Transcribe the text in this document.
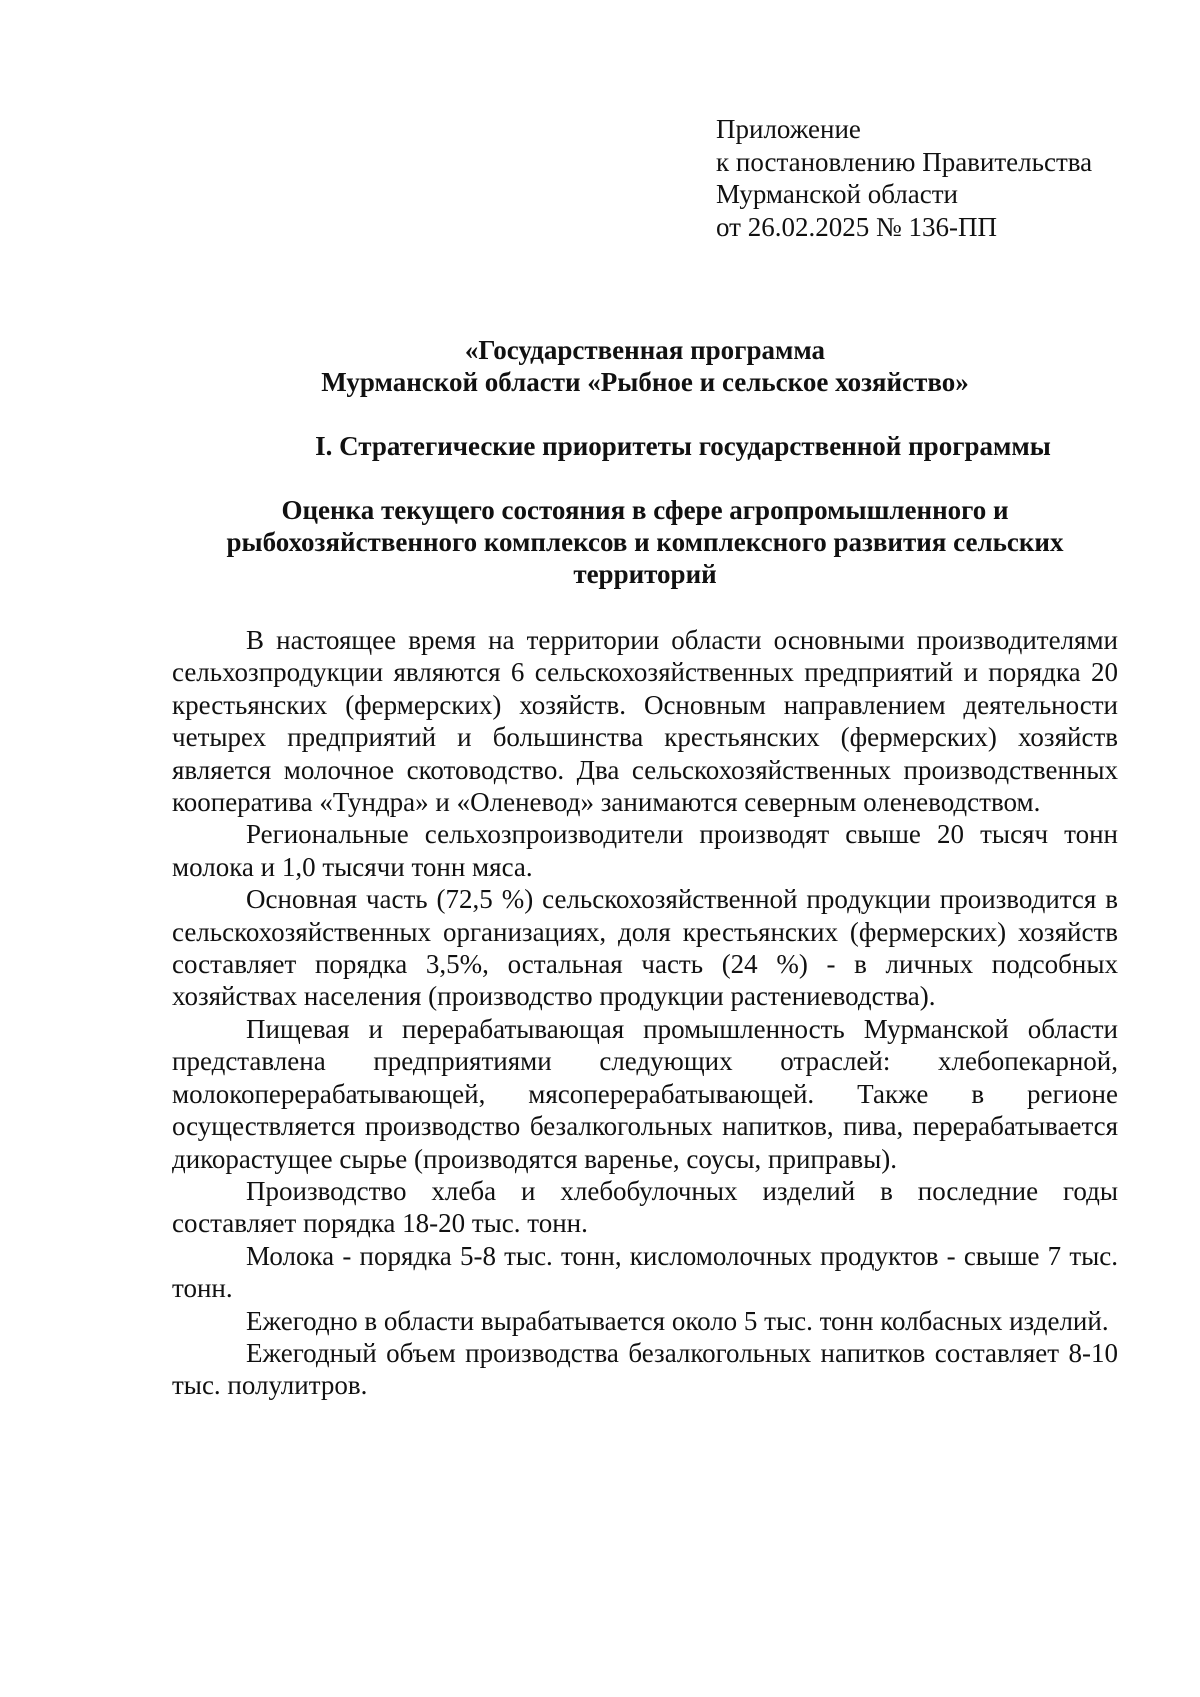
Приложение
к постановлению Правительства
Мурманской области
от 26.02.2025 № 136-ПП
«Государственная программа
Мурманской области «Рыбное и сельское хозяйство»
I. Стратегические приоритеты государственной программы
Оценка текущего состояния в сфере агропромышленного и
рыбохозяйственного комплексов и комплексного развития сельских
территорий

В настоящее время на территории области основными производителями сельхозпродукции являются 6 сельскохозяйственных предприятий и порядка 20 крестьянских (фермерских) хозяйств. Основным направлением деятельности четырех предприятий и большинства крестьянских (фермерских) хозяйств является молочное скотоводство. Два сельскохозяйственных производственных кооператива «Тундра» и «Оленевод» занимаются северным оленеводством.

Региональные сельхозпроизводители производят свыше 20 тысяч тонн молока и 1,0 тысячи тонн мяса.

Основная часть (72,5 %) сельскохозяйственной продукции производится в сельскохозяйственных организациях, доля крестьянских (фермерских) хозяйств составляет порядка 3,5%, остальная часть (24 %) - в личных подсобных хозяйствах населения (производство продукции растениеводства).

Пищевая и перерабатывающая промышленность Мурманской области представлена предприятиями следующих отраслей: хлебопекарной, молокоперерабатывающей, мясоперерабатывающей. Также в регионе осуществляется производство безалкогольных напитков, пива, перерабатывается дикорастущее сырье (производятся варенье, соусы, приправы).

Производство хлеба и хлебобулочных изделий в последние годы составляет порядка 18-20 тыс. тонн.

Молока - порядка 5-8 тыс. тонн, кисломолочных продуктов - свыше 7 тыс. тонн.

Ежегодно в области вырабатывается около 5 тыс. тонн колбасных изделий.

Ежегодный объем производства безалкогольных напитков составляет 8-10 тыс. полулитров.
